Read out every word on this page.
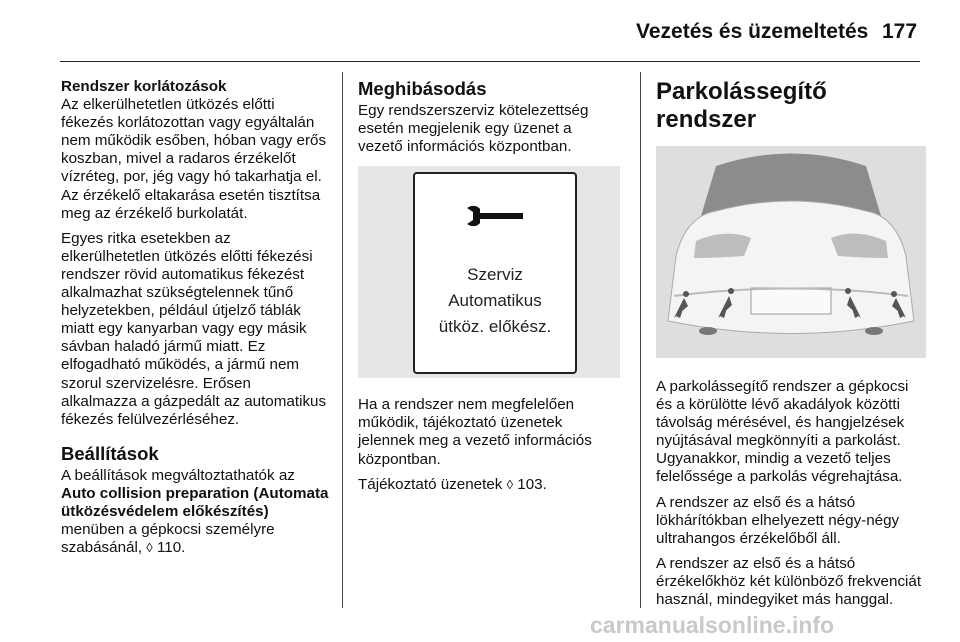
Vezetés és üzemeltetés 177
Rendszer korlátozások

Az elkerülhetetlen ütközés előtti fékezés korlátozottan vagy egyáltalán nem működik esőben, hóban vagy erős koszban, mivel a radaros érzékelőt vízréteg, por, jég vagy hó takarhatja el. Az érzékelő eltakarása esetén tisztítsa meg az érzékelő burkolatát.

Egyes ritka esetekben az elkerülhetetlen ütközés előtti fékezési rendszer rövid automatikus fékezést alkalmazhat szükségtelennek tűnő helyzetekben, például útjelző táblák miatt egy kanyarban vagy egy másik sávban haladó jármű miatt. Ez elfogadható működés, a jármű nem szorul szervizelésre. Erősen alkalmazza a gázpedált az automatikus fékezés felülvezérléséhez.

Beállítások

A beállítások megváltoztathatók az Auto collision preparation (Automata ütközésvédelem előkészítés) menüben a gépkocsi személyre szabásánál, ◊ 110.

Meghibásodás

Egy rendszerszerviz kötelezettség esetén megjelenik egy üzenet a vezető információs központban.

Szerviz
Automatikus
ütköz. előkész.

Ha a rendszer nem megfelelően működik, tájékoztató üzenetek jelennek meg a vezető információs központban.

Tájékoztató üzenetek ◊ 103.

Parkolássegítő rendszer

A parkolássegítő rendszer a gépkocsi és a körülötte lévő akadályok közötti távolság mérésével, és hangjelzések nyújtásával megkönnyíti a parkolást. Ugyanakkor, mindig a vezető teljes felelőssége a parkolás végrehajtása.

A rendszer az első és a hátsó lökhárítókban elhelyezett négy-négy ultrahangos érzékelőből áll.

A rendszer az első és a hátsó érzékelőkhöz két különböző frekvenciát használ, mindegyiket más hanggal.

carmanualsonline.info
